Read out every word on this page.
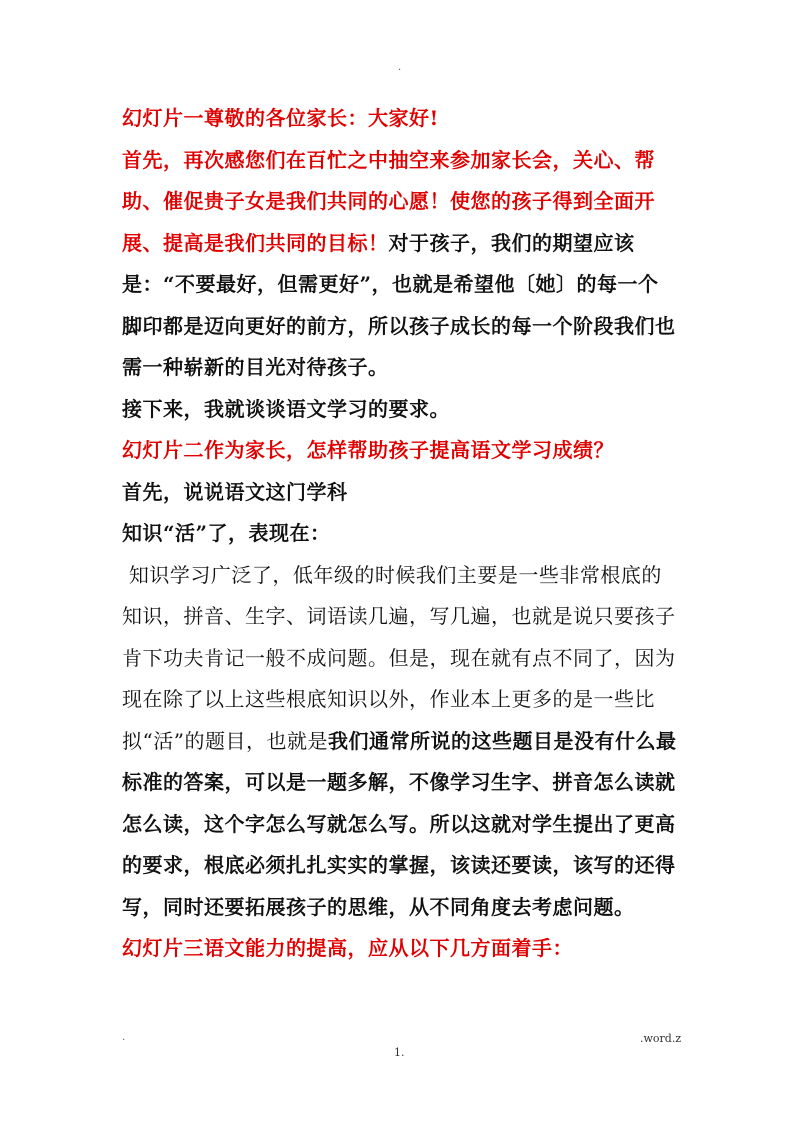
.

幻灯片一尊敬的各位家长：大家好!

首先，再次感您们在百忙之中抽空来参加家长会，关心、帮助、催促贵子女是我们共同的心愿！使您的孩子得到全面开展、提高是我们共同的目标！对于孩子，我们的期望应该是：“不要最好，但需更好”，也就是希望他〔她〕的每一个脚印都是迈向更好的前方，所以孩子成长的每一个阶段我们也需一种崭新的目光对待孩子。

接下来，我就谈谈语文学习的要求。

幻灯片二作为家长，怎样帮助孩子提高语文学习成绩？

首先，说说语文这门学科

知识“活”了，表现在：

知识学习广泛了，低年级的时候我们主要是一些非常根底的知识，拼音、生字、词语读几遍，写几遍，也就是说只要孩子肯下功夫肯记一般不成问题。但是，现在就有点不同了，因为现在除了以上这些根底知识以外，作业本上更多的是一些比拟“活”的题目，也就是我们通常所说的这些题目是没有什么最标准的答案，可以是一题多解，不像学习生字、拼音怎么读就怎么读，这个字怎么写就怎么写。所以这就对学生提出了更高的要求，根底必须扎扎实实的掌握，该读还要读，该写的还得写，同时还要拓展孩子的思维，从不同角度去考虑问题。

幻灯片三语文能力的提高，应从以下几方面着手：

.	.word.z
1.
